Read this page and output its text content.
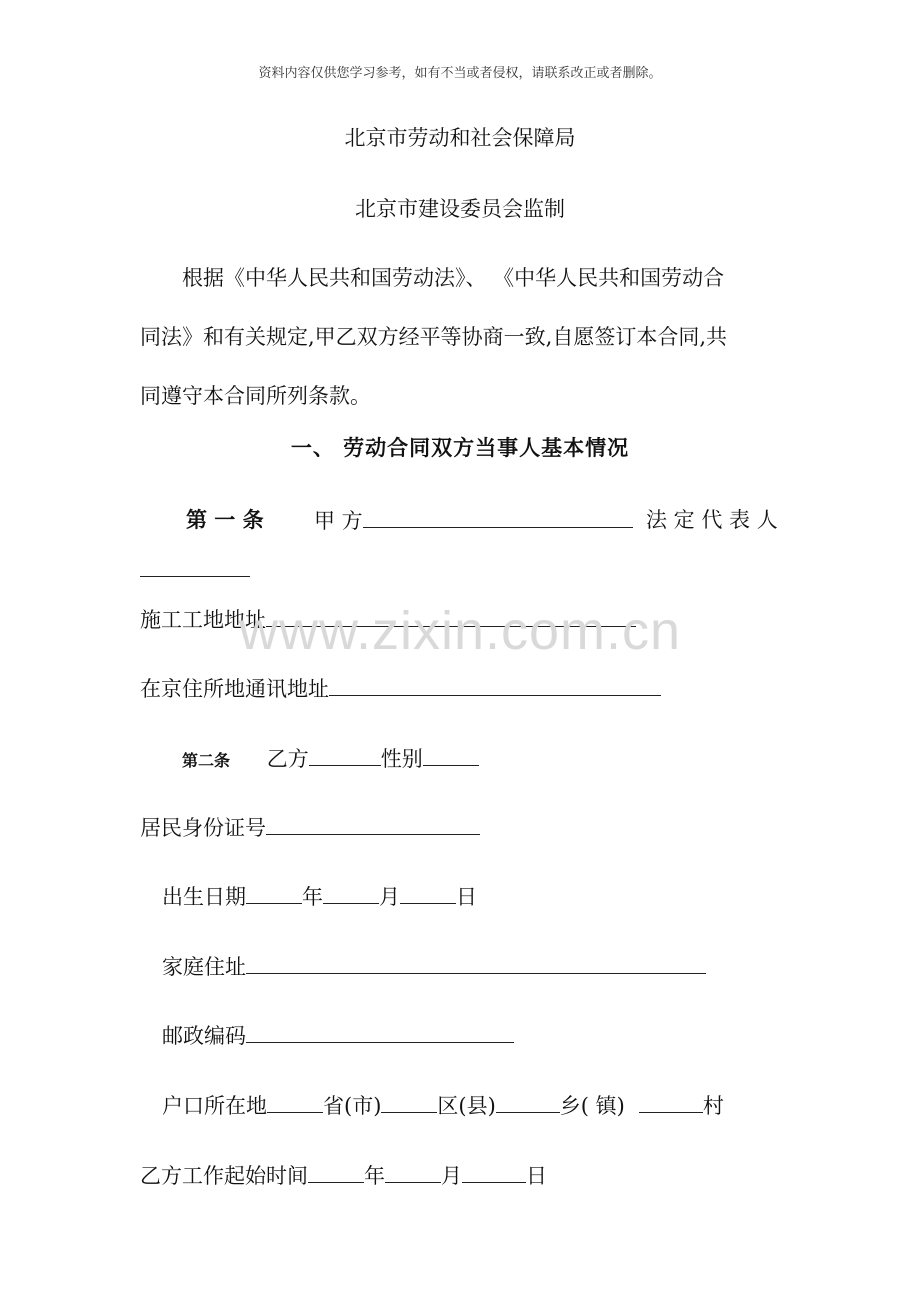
资料内容仅供您学习参考，如有不当或者侵权，请联系改正或者删除。
北京市劳动和社会保障局
北京市建设委员会监制
根据《中华人民共和国劳动法》、 《中华人民共和国劳动合
同法》和有关规定,甲乙双方经平等协商一致,自愿签订本合同,共
同遵守本合同所列条款。
一、 劳动合同双方当事人基本情况
第 一 条 甲 方	法 定 代 表 人
施工工地地址
在京住所地通讯地址
第二条 乙方	性别
居民身份证号
出生日期	年	月	日
家庭住址
邮政编码
户口所在地	省(市)	区(县)	乡( 镇)	村
乙方工作起始时间	年	月	日
www.zixin.com.cn
